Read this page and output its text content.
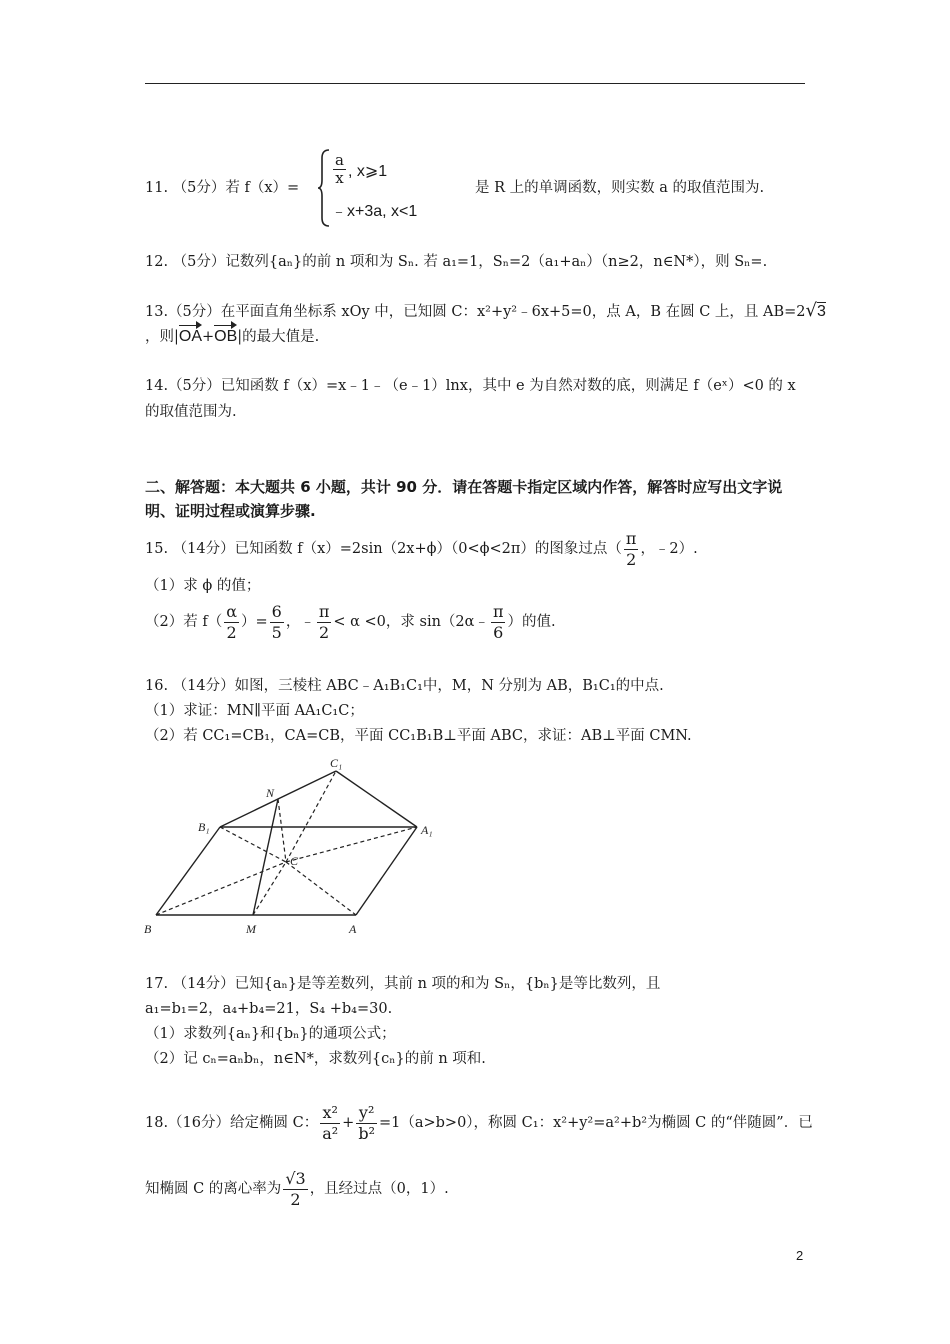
11. （5分）若 f（x）=
$\frac{a}{x}$ , x⩾1
﹣x+3a, x<1
是 R 上的单调函数，则实数 a 的取值范围为.
12. （5分）记数列{aₙ}的前 n 项和为 Sₙ. 若 a₁=1，Sₙ=2（a₁+aₙ）（n≥2，n∈N*），则 Sₙ=.
13.（5分）在平面直角坐标系 xOy 中，已知圆 C：x²+y²﹣6x+5=0，点 A，B 在圆 C 上，且 AB=2√3
，则|OA+OB|的最大值是.
14.（5分）已知函数 f（x）=x﹣1﹣（e﹣1）lnx，其中 e 为自然对数的底，则满足 f（eˣ）<0 的 x
的取值范围为.
二、解答题：本大题共 6 小题，共计 90 分．请在答题卡指定区域内作答，解答时应写出文字说
明、证明过程或演算步骤.
15. （14分）已知函数 f（x）=2sin（2x+ϕ）（0<ϕ<2π）的图象过点（ $\frac{\pi}{2}$ ，﹣2）.
（1）求 ϕ 的值；
（2）若 $f( \frac{\alpha}{2}$ ）= $\frac{6}{5}$ ，﹣ $\frac{\pi}{2} < \alpha <0$，求 sin（2α﹣ $\frac{\pi}{6}$ ）的值.
16. （14分）如图，三棱柱 ABC﹣A₁B₁C₁中，M，N 分别为 AB，B₁C₁的中点.
（1）求证：MN∥平面 AA₁C₁C；
（2）若 CC₁=CB₁，CA=CB，平面 CC₁B₁B⊥平面 ABC，求证：AB⊥平面 CMN.
C₁
N
B₁	A₁
C
B	M	A
17. （14分）已知{aₙ}是等差数列，其前 n 项的和为 Sₙ，{bₙ}是等比数列，且
a₁=b₁=2，a₄+b₄=21，S₄ +b₄=30.
（1）求数列{aₙ}和{bₙ}的通项公式；
（2）记 cₙ=aₙbₙ，n∈N*，求数列{cₙ}的前 n 项和.
18.（16分）给定椭圆 C： $\frac{\text{x²}}{\text{a²}} + \frac{\text{y²}}{\text{b²}} =1(a>b>0)$，称圆 C₁：x²+y²=a²+b²为椭圆 C 的“伴随圆”．已
知椭圆 C 的离心率为 $\frac{√3}{2}$ ，且经过点（0，1）.
2
